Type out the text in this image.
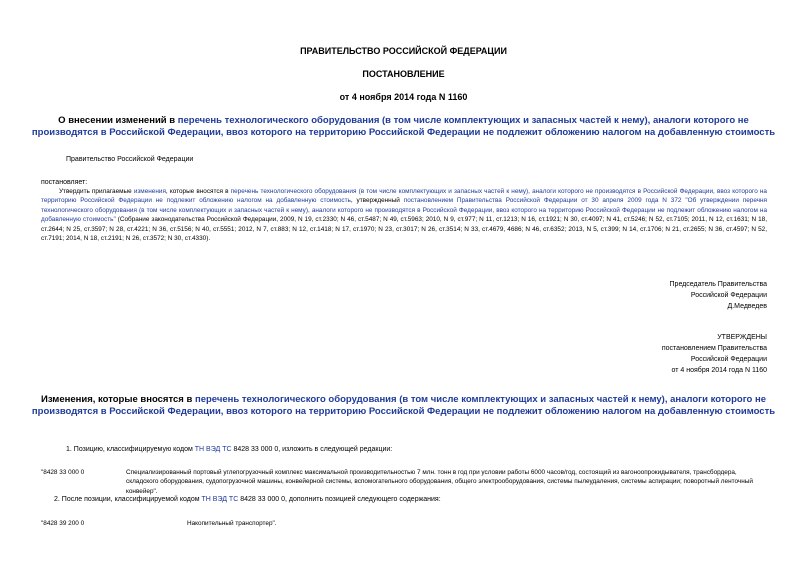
ПРАВИТЕЛЬСТВО РОССИЙСКОЙ ФЕДЕРАЦИИ
ПОСТАНОВЛЕНИЕ
от 4 ноября 2014 года N 1160
О внесении изменений в перечень технологического оборудования (в том числе комплектующих и запасных частей к нему), аналоги которого не производятся в Российской Федерации, ввоз которого на территорию Российской Федерации не подлежит обложению налогом на добавленную стоимость
Правительство Российской Федерации
постановляет:
Утвердить прилагаемые изменения, которые вносятся в перечень технологического оборудования (в том числе комплектующих и запасных частей к нему), аналоги которого не производятся в Российской Федерации, ввоз которого на территорию Российской Федерации не подлежит обложению налогом на добавленную стоимость, утвержденный постановлением Правительства Российской Федерации от 30 апреля 2009 года N 372 "Об утверждении перечня технологического оборудования (в том числе комплектующих и запасных частей к нему), аналоги которого не производятся в Российской Федерации, ввоз которого на территорию Российской Федерации не подлежит обложению налогом на добавленную стоимость" (Собрание законодательства Российской Федерации, 2009, N 19, ст.2330; N 46, ст.5487; N 49, ст.5963; 2010, N 9, ст.977; N 11, ст.1213; N 16, ст.1921; N 30, ст.4097; N 41, ст.5246; N 52, ст.7105; 2011, N 12, ст.1631; N 18, ст.2644; N 25, ст.3597; N 28, ст.4221; N 36, ст.5156; N 40, ст.5551; 2012, N 7, ст.883; N 12, ст.1418; N 17, ст.1970; N 23, ст.3017; N 26, ст.3514; N 33, ст.4679, 4686; N 46, ст.6352; 2013, N 5, ст.399; N 14, ст.1706; N 21, ст.2655; N 36, ст.4597; N 52, ст.7191; 2014, N 18, ст.2191; N 26, ст.3572; N 30, ст.4330).
Председатель Правительства
Российской Федерации
Д.Медведев
УТВЕРЖДЕНЫ
постановлением Правительства
Российской Федерации
от 4 ноября 2014 года N 1160
Изменения, которые вносятся в перечень технологического оборудования (в том числе комплектующих и запасных частей к нему), аналоги которого не производятся в Российской Федерации, ввоз которого на территорию Российской Федерации не подлежит обложению налогом на добавленную стоимость
1. Позицию, классифицируемую кодом ТН ВЭД ТС 8428 33 000 0, изложить в следующей редакции:
"8428 33 000 0	Специализированный портовый углепогрузочный комплекс максимальной производительностью 7 млн. тонн в год при условии работы 6000 часов/год, состоящий из вагоноопрокидывателя, трансбордера, складского оборудования, судопогрузочной машины, конвейерной системы, вспомогательного оборудования, общего электрооборудования, системы пылеудаления, системы аспирации; поворотный ленточный конвейер".
2. После позиции, классифицируемой кодом ТН ВЭД ТС 8428 33 000 0, дополнить позицией следующего содержания:
"8428 39 200 0	Накопительный транспортер".
